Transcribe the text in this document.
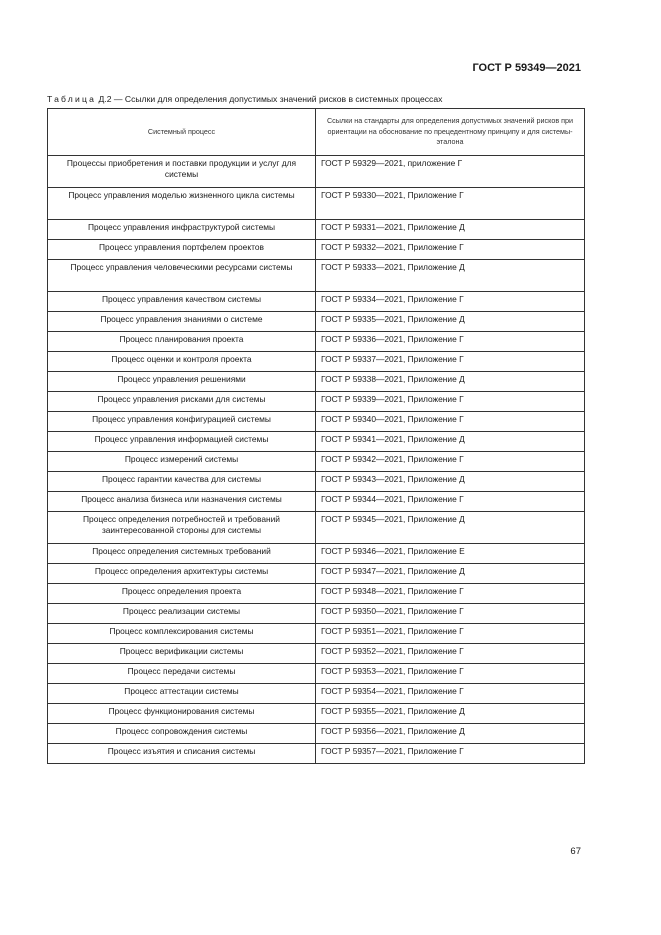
ГОСТ Р 59349—2021
Таблица Д.2 — Ссылки для определения допустимых значений рисков в системных процессах
Системный процесс	Ссылки на стандарты для определения допустимых значений рисков при ориентации на обоснование по прецедентному принципу и для системы-эталона
Процессы приобретения и поставки продукции и услуг для системы	ГОСТ Р 59329—2021, приложение Г
Процесс управления моделью жизненного цикла системы	ГОСТ Р 59330—2021, Приложение Г
Процесс управления инфраструктурой системы	ГОСТ Р 59331—2021, Приложение Д
Процесс управления портфелем проектов	ГОСТ Р 59332—2021, Приложение Г
Процесс управления человеческими ресурсами системы	ГОСТ Р 59333—2021, Приложение Д
Процесс управления качеством системы	ГОСТ Р 59334—2021, Приложение Г
Процесс управления знаниями о системе	ГОСТ Р 59335—2021, Приложение Д
Процесс планирования проекта	ГОСТ Р 59336—2021, Приложение Г
Процесс оценки и контроля проекта	ГОСТ Р 59337—2021, Приложение Г
Процесс управления решениями	ГОСТ Р 59338—2021, Приложение Д
Процесс управления рисками для системы	ГОСТ Р 59339—2021, Приложение Г
Процесс управления конфигурацией системы	ГОСТ Р 59340—2021, Приложение Г
Процесс управления информацией системы	ГОСТ Р 59341—2021, Приложение Д
Процесс измерений системы	ГОСТ Р 59342—2021, Приложение Г
Процесс гарантии качества для системы	ГОСТ Р 59343—2021, Приложение Д
Процесс анализа бизнеса или назначения системы	ГОСТ Р 59344—2021, Приложение Г
Процесс определения потребностей и требований заинтересованной стороны для системы	ГОСТ Р 59345—2021, Приложение Д
Процесс определения системных требований	ГОСТ Р 59346—2021, Приложение Е
Процесс определения архитектуры системы	ГОСТ Р 59347—2021, Приложение Д
Процесс определения проекта	ГОСТ Р 59348—2021, Приложение Г
Процесс реализации системы	ГОСТ Р 59350—2021, Приложение Г
Процесс комплексирования системы	ГОСТ Р 59351—2021, Приложение Г
Процесс верификации системы	ГОСТ Р 59352—2021, Приложение Г
Процесс передачи системы	ГОСТ Р 59353—2021, Приложение Г
Процесс аттестации системы	ГОСТ Р 59354—2021, Приложение Г
Процесс функционирования системы	ГОСТ Р 59355—2021, Приложение Д
Процесс сопровождения системы	ГОСТ Р 59356—2021, Приложение Д
Процесс изъятия и списания системы	ГОСТ Р 59357—2021, Приложение Г
67
